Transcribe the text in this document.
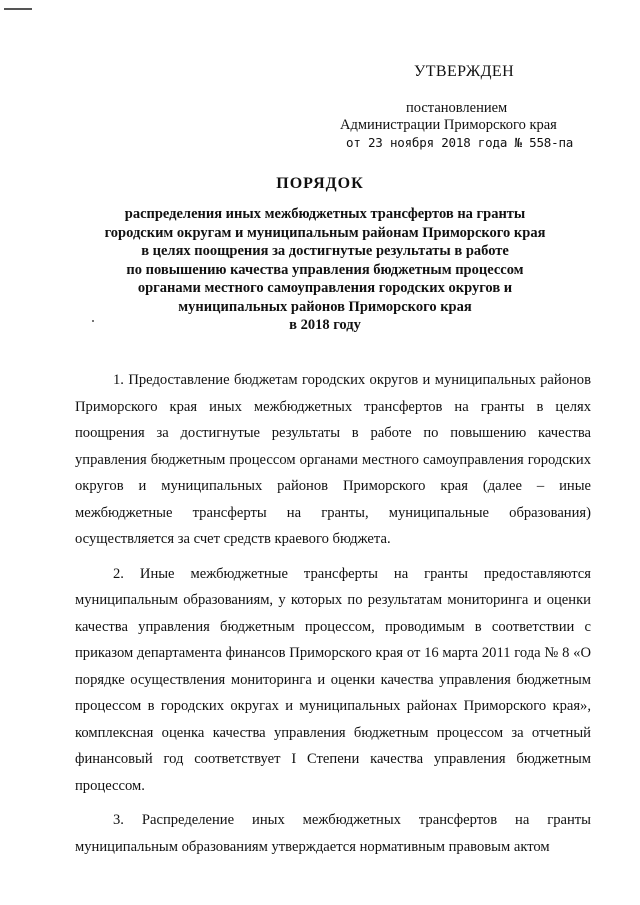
УТВЕРЖДЕН
постановлением
Администрации Приморского края
от 23 ноября 2018 года № 558-па
ПОРЯДОК
распределения иных межбюджетных трансфертов на гранты
городским округам и муниципальным районам Приморского края
в целях поощрения за достигнутые результаты в работе
по повышению качества управления бюджетным процессом
органами местного самоуправления городских округов и
муниципальных районов Приморского края
в 2018 году

1. Предоставление бюджетам городских округов и муниципальных районов Приморского края иных межбюджетных трансфертов на гранты в целях поощрения за достигнутые результаты в работе по повышению качества управления бюджетным процессом органами местного самоуправления городских округов и муниципальных районов Приморского края (далее – иные межбюджетные трансферты на гранты, муниципальные образования) осуществляется за счет средств краевого бюджета.

2. Иные межбюджетные трансферты на гранты предоставляются муниципальным образованиям, у которых по результатам мониторинга и оценки качества управления бюджетным процессом, проводимым в соответствии с приказом департамента финансов Приморского края от 16 марта 2011 года № 8 «О порядке осуществления мониторинга и оценки качества управления бюджетным процессом в городских округах и муниципальных районах Приморского края», комплексная оценка качества управления бюджетным процессом за отчетный финансовый год соответствует I Степени качества управления бюджетным процессом.

3. Распределение иных межбюджетных трансфертов на гранты муниципальным образованиям утверждается нормативным правовым актом
